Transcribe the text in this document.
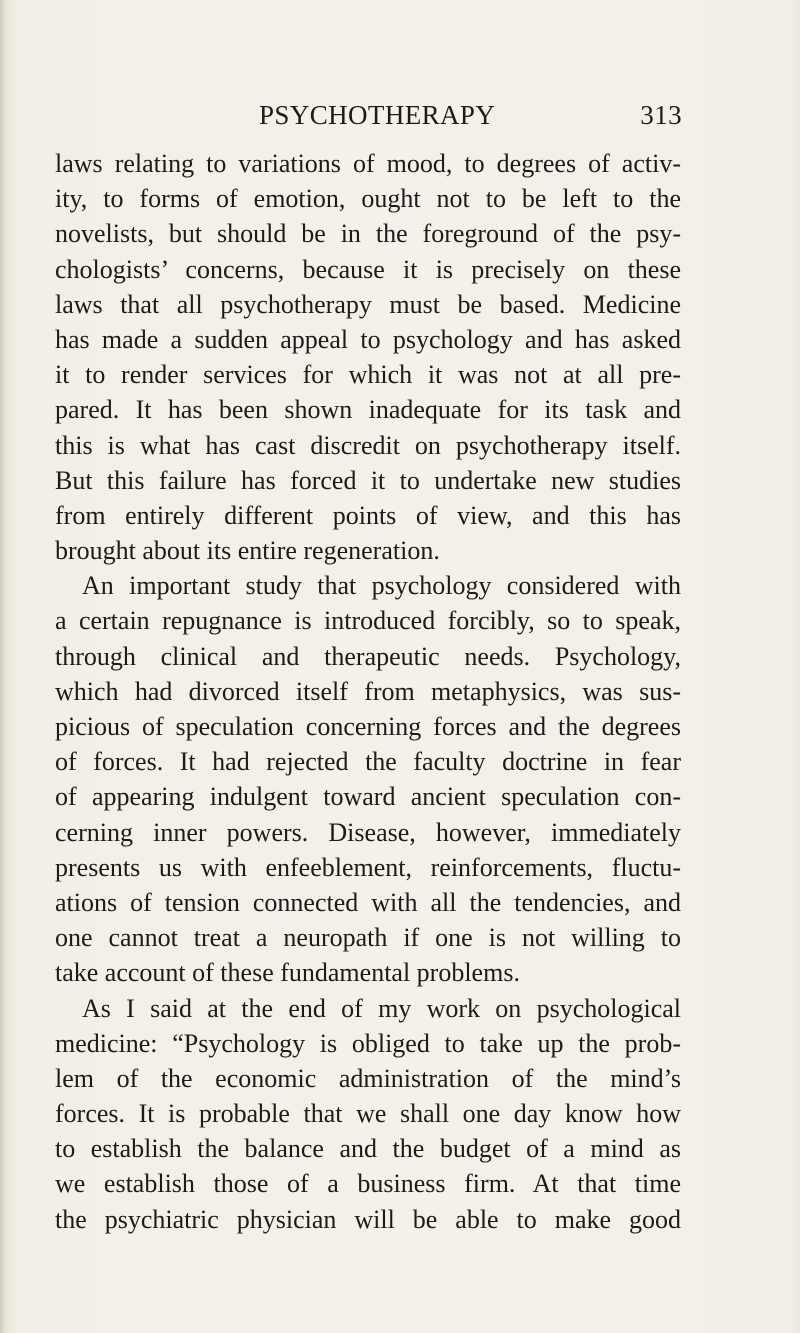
PSYCHOTHERAPY	313
laws relating to variations of mood, to degrees of activ-
ity, to forms of emotion, ought not to be left to the
novelists, but should be in the foreground of the psy-
chologists’ concerns, because it is precisely on these
laws that all psychotherapy must be based. Medicine
has made a sudden appeal to psychology and has asked
it to render services for which it was not at all pre-
pared. It has been shown inadequate for its task and
this is what has cast discredit on psychotherapy itself.
But this failure has forced it to undertake new studies
from entirely different points of view, and this has
brought about its entire regeneration.
An important study that psychology considered with
a certain repugnance is introduced forcibly, so to speak,
through clinical and therapeutic needs. Psychology,
which had divorced itself from metaphysics, was sus-
picious of speculation concerning forces and the degrees
of forces. It had rejected the faculty doctrine in fear
of appearing indulgent toward ancient speculation con-
cerning inner powers. Disease, however, immediately
presents us with enfeeblement, reinforcements, fluctu-
ations of tension connected with all the tendencies, and
one cannot treat a neuropath if one is not willing to
take account of these fundamental problems.
As I said at the end of my work on psychological
medicine: “Psychology is obliged to take up the prob-
lem of the economic administration of the mind’s
forces. It is probable that we shall one day know how
to establish the balance and the budget of a mind as
we establish those of a business firm. At that time
the psychiatric physician will be able to make good
